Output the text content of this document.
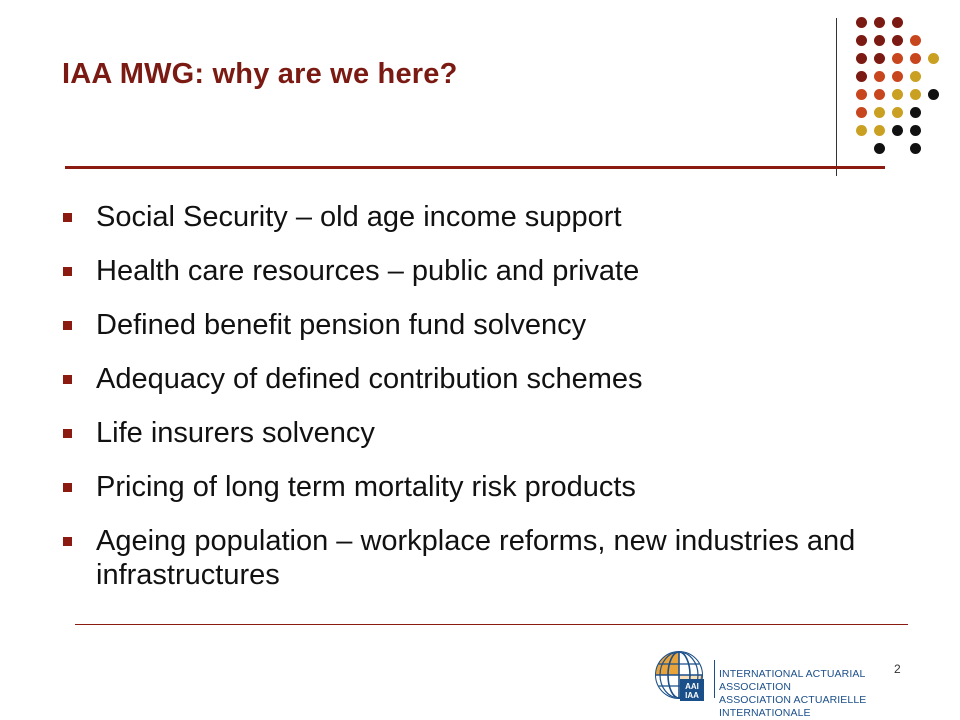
IAA MWG: why are we here?
Social Security – old age income support
Health care resources – public and private
Defined benefit pension fund solvency
Adequacy of defined contribution schemes
Life insurers solvency
Pricing of long term mortality risk products
Ageing population – workplace reforms, new industries and infrastructures
2
AAI
IAA
INTERNATIONAL ACTUARIAL ASSOCIATION
ASSOCIATION ACTUARIELLE INTERNATIONALE
